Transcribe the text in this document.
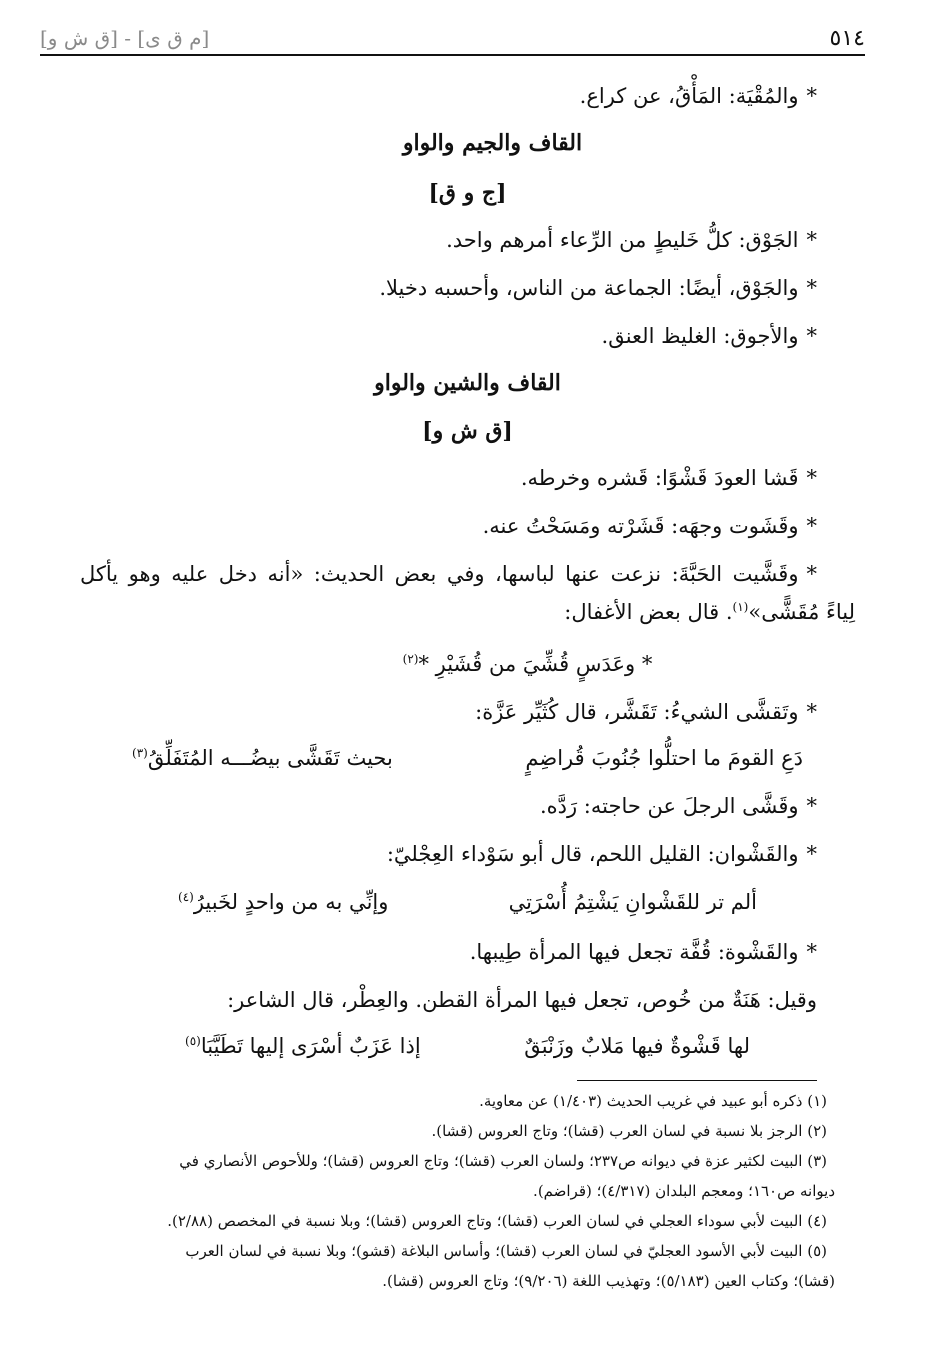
٥١٤
[م ق ى] - [ق ش و]
*والمُقْيَة: المَأْقُ، عن كراع.
القاف والجيم والواو
[ج و ق]
*الجَوْق: كلُّ خَليطٍ من الرِّعاء أمرهم واحد.
*والجَوْق، أيضًا: الجماعة من الناس، وأحسبه دخيلا.
*والأجوق: الغليظ العنق.
القاف والشين والواو
[ق ش و]
*قَشا العودَ قَشْوًا: قَشره وخرطه.
*وقَشَوت وجهَه: قَشَرْته ومَسَحْتُ عنه.
*وقَشَّيت الحَبَّةَ: نزعت عنها لباسها، وفي بعض الحديث: «أنه دخل عليه وهو يأكل
لِياءً مُقَشًّى»$^{(١)}$. قال بعض الأغفال:
* وعَدَسٍ قُشِّيَ من قُشَيْرِ *$^{(٢)}$
*وتَقشَّى الشيءُ: تَقَشَّر، قال كُثَيِّر عَزَّة:
دَعِ القومَ ما احتلُّوا جُنُوبَ قُراضِمٍ
بحيث تَقَشَّى بيضُـــه المُتَفَلِّقُ$^{(٣)}$
*وقَشَّى الرجلَ عن حاجته: رَدَّه.
*والقَشْوان: القليل اللحم، قال أبو سَوْداء العِجْليّ:
ألم تر للقَشْوانِ يَشْتِمُ أُسْرَتِي
وإنِّي به من واحدٍ لخَبيرُ$^{(٤)}$
*والقَشْوة: قُفَّة تجعل فيها المرأة طِيبها.
وقيل: هَنَةٌ من خُوص، تجعل فيها المرأة القطن. والعِطْر، قال الشاعر:
لها قَشْوةٌ فيها مَلابٌ وزَنْبَقٌ
إذا عَزَبٌ أسْرَى إليها تَطَيَّبَا$^{(٥)}$
(١) ذكره أبو عبيد في غريب الحديث (١/٤٠٣) عن معاوية.
(٢) الرجز بلا نسبة في لسان العرب (قشا)؛ وتاج العروس (قشا).
(٣) البيت لكثير عزة في ديوانه ص٢٣٧؛ ولسان العرب (قشا)؛ وتاج العروس (قشا)؛ وللأحوص الأنصاري في
ديوانه ص١٦٠؛ ومعجم البلدان (٤/٣١٧)؛ (قراضم).
(٤) البيت لأبي سوداء العجلي في لسان العرب (قشا)؛ وتاج العروس (قشا)؛ وبلا نسبة في المخصص (٢/٨٨).
(٥) البيت لأبي الأسود العجليّ في لسان العرب (قشا)؛ وأساس البلاغة (قشو)؛ وبلا نسبة في لسان العرب
(قشا)؛ وكتاب العين (٥/١٨٣)؛ وتهذيب اللغة (٩/٢٠٦)؛ وتاج العروس (قشا).
